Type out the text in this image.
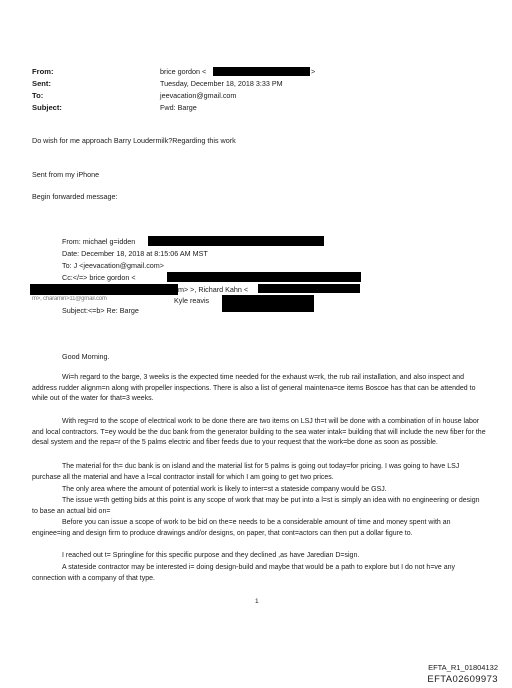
From:
Sent:
To:
Subject:
brice gordon <	>
Tuesday, December 18, 2018 3:33 PM
jeevacation@gmail.com
Fwd: Barge
Do wish for me approach Barry Loudermilk?Regarding this work
Sent from my iPhone
Begin forwarded message:
From: michael g=idden
Date: December 18, 2018 at 8:15:06 AM MST
To: J <jeevacation@gmail.com>
Cc:</=> brice gordon <
m> >, Richard Kahn <
m>, charamin>11@gmail.com	Kyle reavis
Subject:<=b> Re: Barge
Good Morning.

Wi=h regard to the barge, 3 weeks is the expected time needed for the exhaust w=rk, the rub rail installation, and also inspect and address rudder alignm=n along with propeller inspections. There is also a list of general maintena=ce items Boscoe has that can be attended to while out of the water for that=3 weeks.

With reg=rd to the scope of electrical work to be done there are two items on LSJ th=t will be done with a combination of in house labor and local contractors. T=ey would be the duc bank from the generator building to the sea water intak= building that will include the new fiber for the desal system and the repa=r of the 5 palms electric and fiber feeds due to your request that the work=be done as soon as possible.

The material for th= duc bank is on island and the material list for 5 palms is going out today=for pricing. I was going to have LSJ purchase all the material and have a l=cal contractor install for which I am going to get two prices.

The only area where the amount of potential work is likely to inter=st a stateside company would be GSJ.

The issue w=th getting bids at this point is any scope of work that may be put into a l=st is simply an idea with no engineering or design to base an actual bid on=

Before you can issue a scope of work to be bid on the=e needs to be a considerable amount of time and money spent with an enginee=ing and design firm to produce drawings and/or designs, on paper, that cont=actors can then put a dollar figure to.

I reached out t= Springline for this specific purpose and they declined ,as have Jaredian D=sign.

A stateside contractor may be interested i= doing design-build and maybe that would be a path to explore but I do not h=ve any connection with a company of that type.

1
EFTA_R1_01804132
EFTA02609973
